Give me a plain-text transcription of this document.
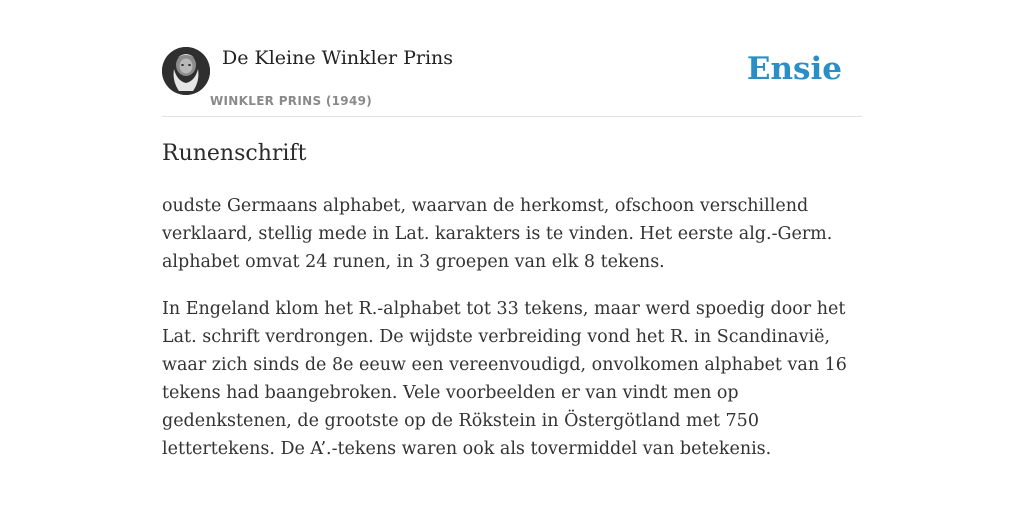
De Kleine Winkler Prins
WINKLER PRINS (1949)
Ensie
Runenschrift

oudste Germaans alphabet, waarvan de herkomst, ofschoon verschillend verklaard, stellig mede in Lat. karakters is te vinden. Het eerste alg.-Germ. alphabet omvat 24 runen, in 3 groepen van elk 8 tekens.

In Engeland klom het R.-alphabet tot 33 tekens, maar werd spoedig door het Lat. schrift verdrongen. De wijdste verbreiding vond het R. in Scandinavië, waar zich sinds de 8e eeuw een vereenvoudigd, onvolkomen alphabet van 16 tekens had baangebroken. Vele voorbeelden er van vindt men op gedenkstenen, de grootste op de Rökstein in Östergötland met 750 lettertekens. De A’.-tekens waren ook als tovermiddel van betekenis.
